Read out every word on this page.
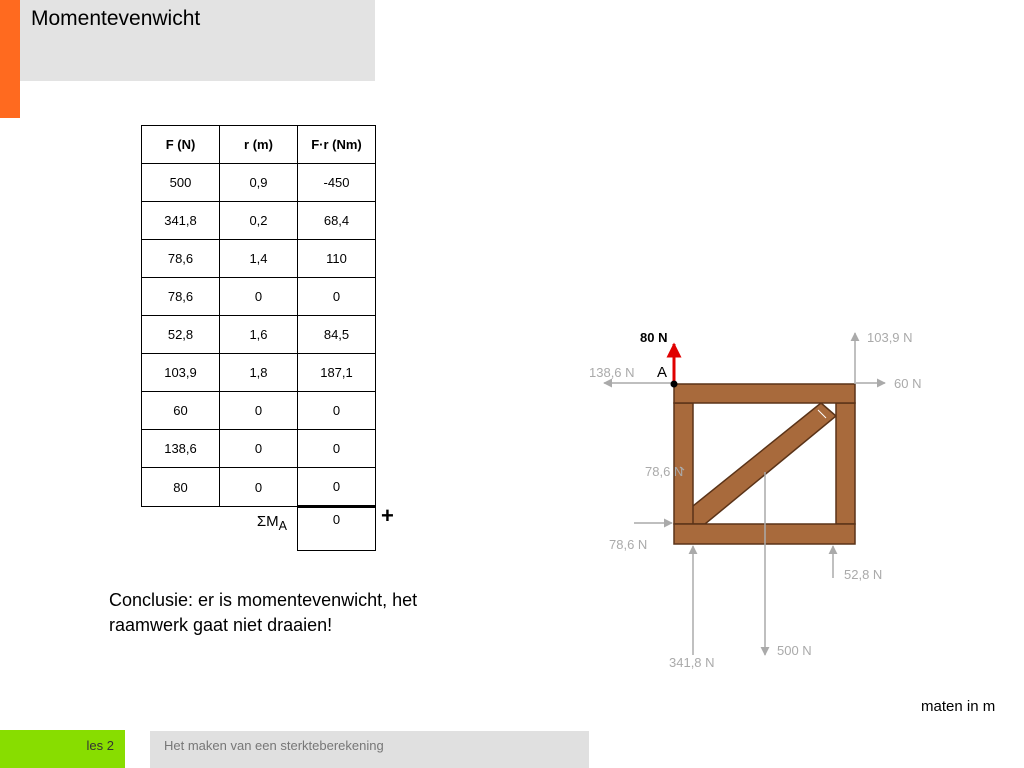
Momentevenwicht
F (N)	r (m)	F·r (Nm)
500	0,9	-450
341,8	0,2	68,4
78,6	1,4	110
78,6	0	0
52,8	1,6	84,5
103,9	1,8	187,1
60	0	0
138,6	0	0
80	0	0
$\Sigma M_A$		0 +
Conclusie: er is momentevenwicht, het raamwerk gaat niet draaien!
80 N
A
138,6 N
103,9 N
60 N
78,6 N
78,6 N
52,8 N
500 N
341,8 N
maten in m
les 2	Het maken van een sterkteberekening
